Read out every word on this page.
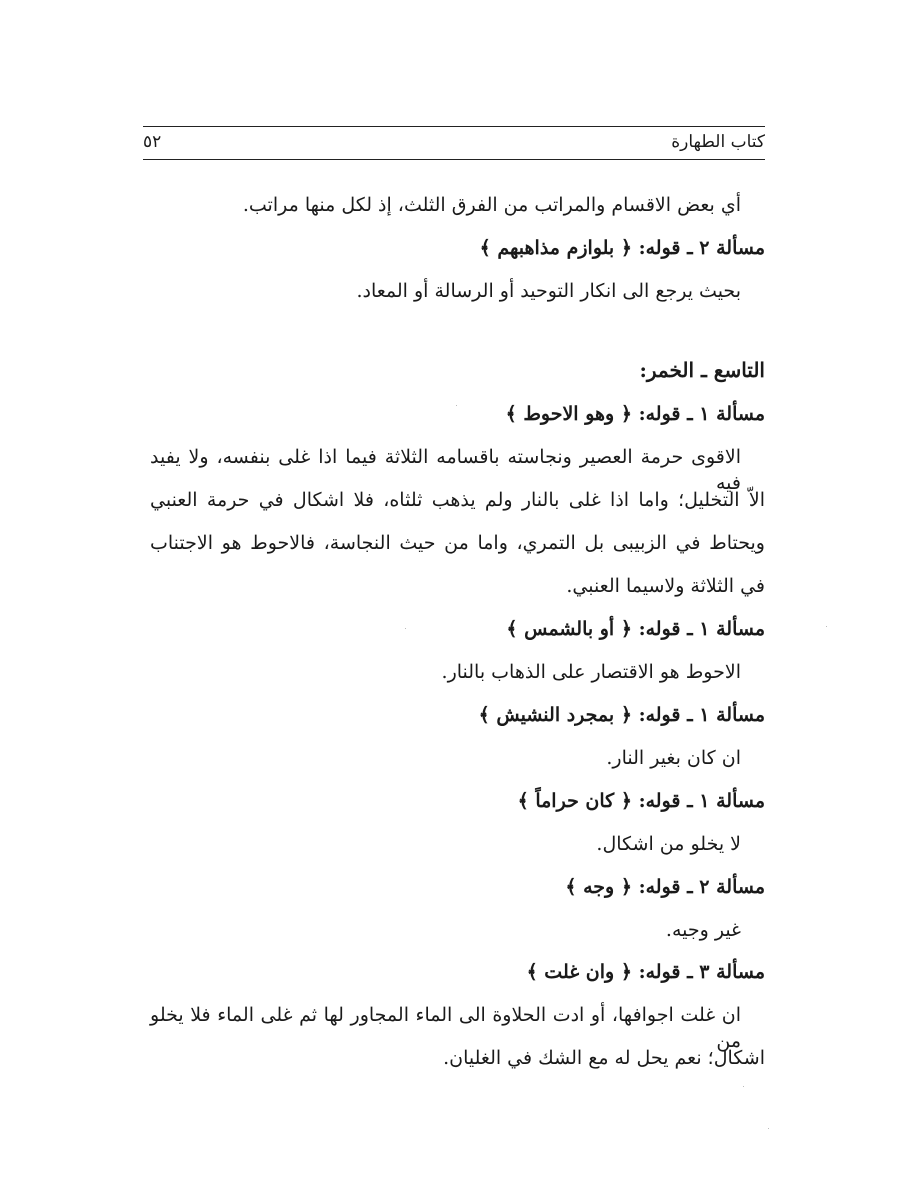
كتاب الطهارة
٥٢
أي بعض الاقسام والمراتب من الفرق الثلث، إذ لكل منها مراتب.
مسألة ٢ ـ قوله: ﴿ بلوازم مذاهبهم ﴾
بحيث يرجع الى انكار التوحيد أو الرسالة أو المعاد.
التاسع ـ الخمر:
مسألة ١ ـ قوله: ﴿ وهو الاحوط ﴾
الاقوى حرمة العصير ونجاسته باقسامه الثلاثة فيما اذا غلى بنفسه، ولا يفيد فيه
الاّ التخليل؛ واما اذا غلى بالنار ولم يذهب ثلثاه، فلا اشكال في حرمة العنبي
ويحتاط في الزبيبى بل التمري، واما من حيث النجاسة، فالاحوط هو الاجتناب
في الثلاثة ولاسيما العنبي.
مسألة ١ ـ قوله: ﴿ أو بالشمس ﴾
الاحوط هو الاقتصار على الذهاب بالنار.
مسألة ١ ـ قوله: ﴿ بمجرد النشيش ﴾
ان كان بغير النار.
مسألة ١ ـ قوله: ﴿ كان حراماً ﴾
لا يخلو من اشكال.
مسألة ٢ ـ قوله: ﴿ وجه ﴾
غير وجيه.
مسألة ٣ ـ قوله: ﴿ وان غلت ﴾
ان غلت اجوافها، أو ادت الحلاوة الى الماء المجاور لها ثم غلى الماء فلا يخلو من
اشكال؛ نعم يحل له مع الشك في الغليان.
